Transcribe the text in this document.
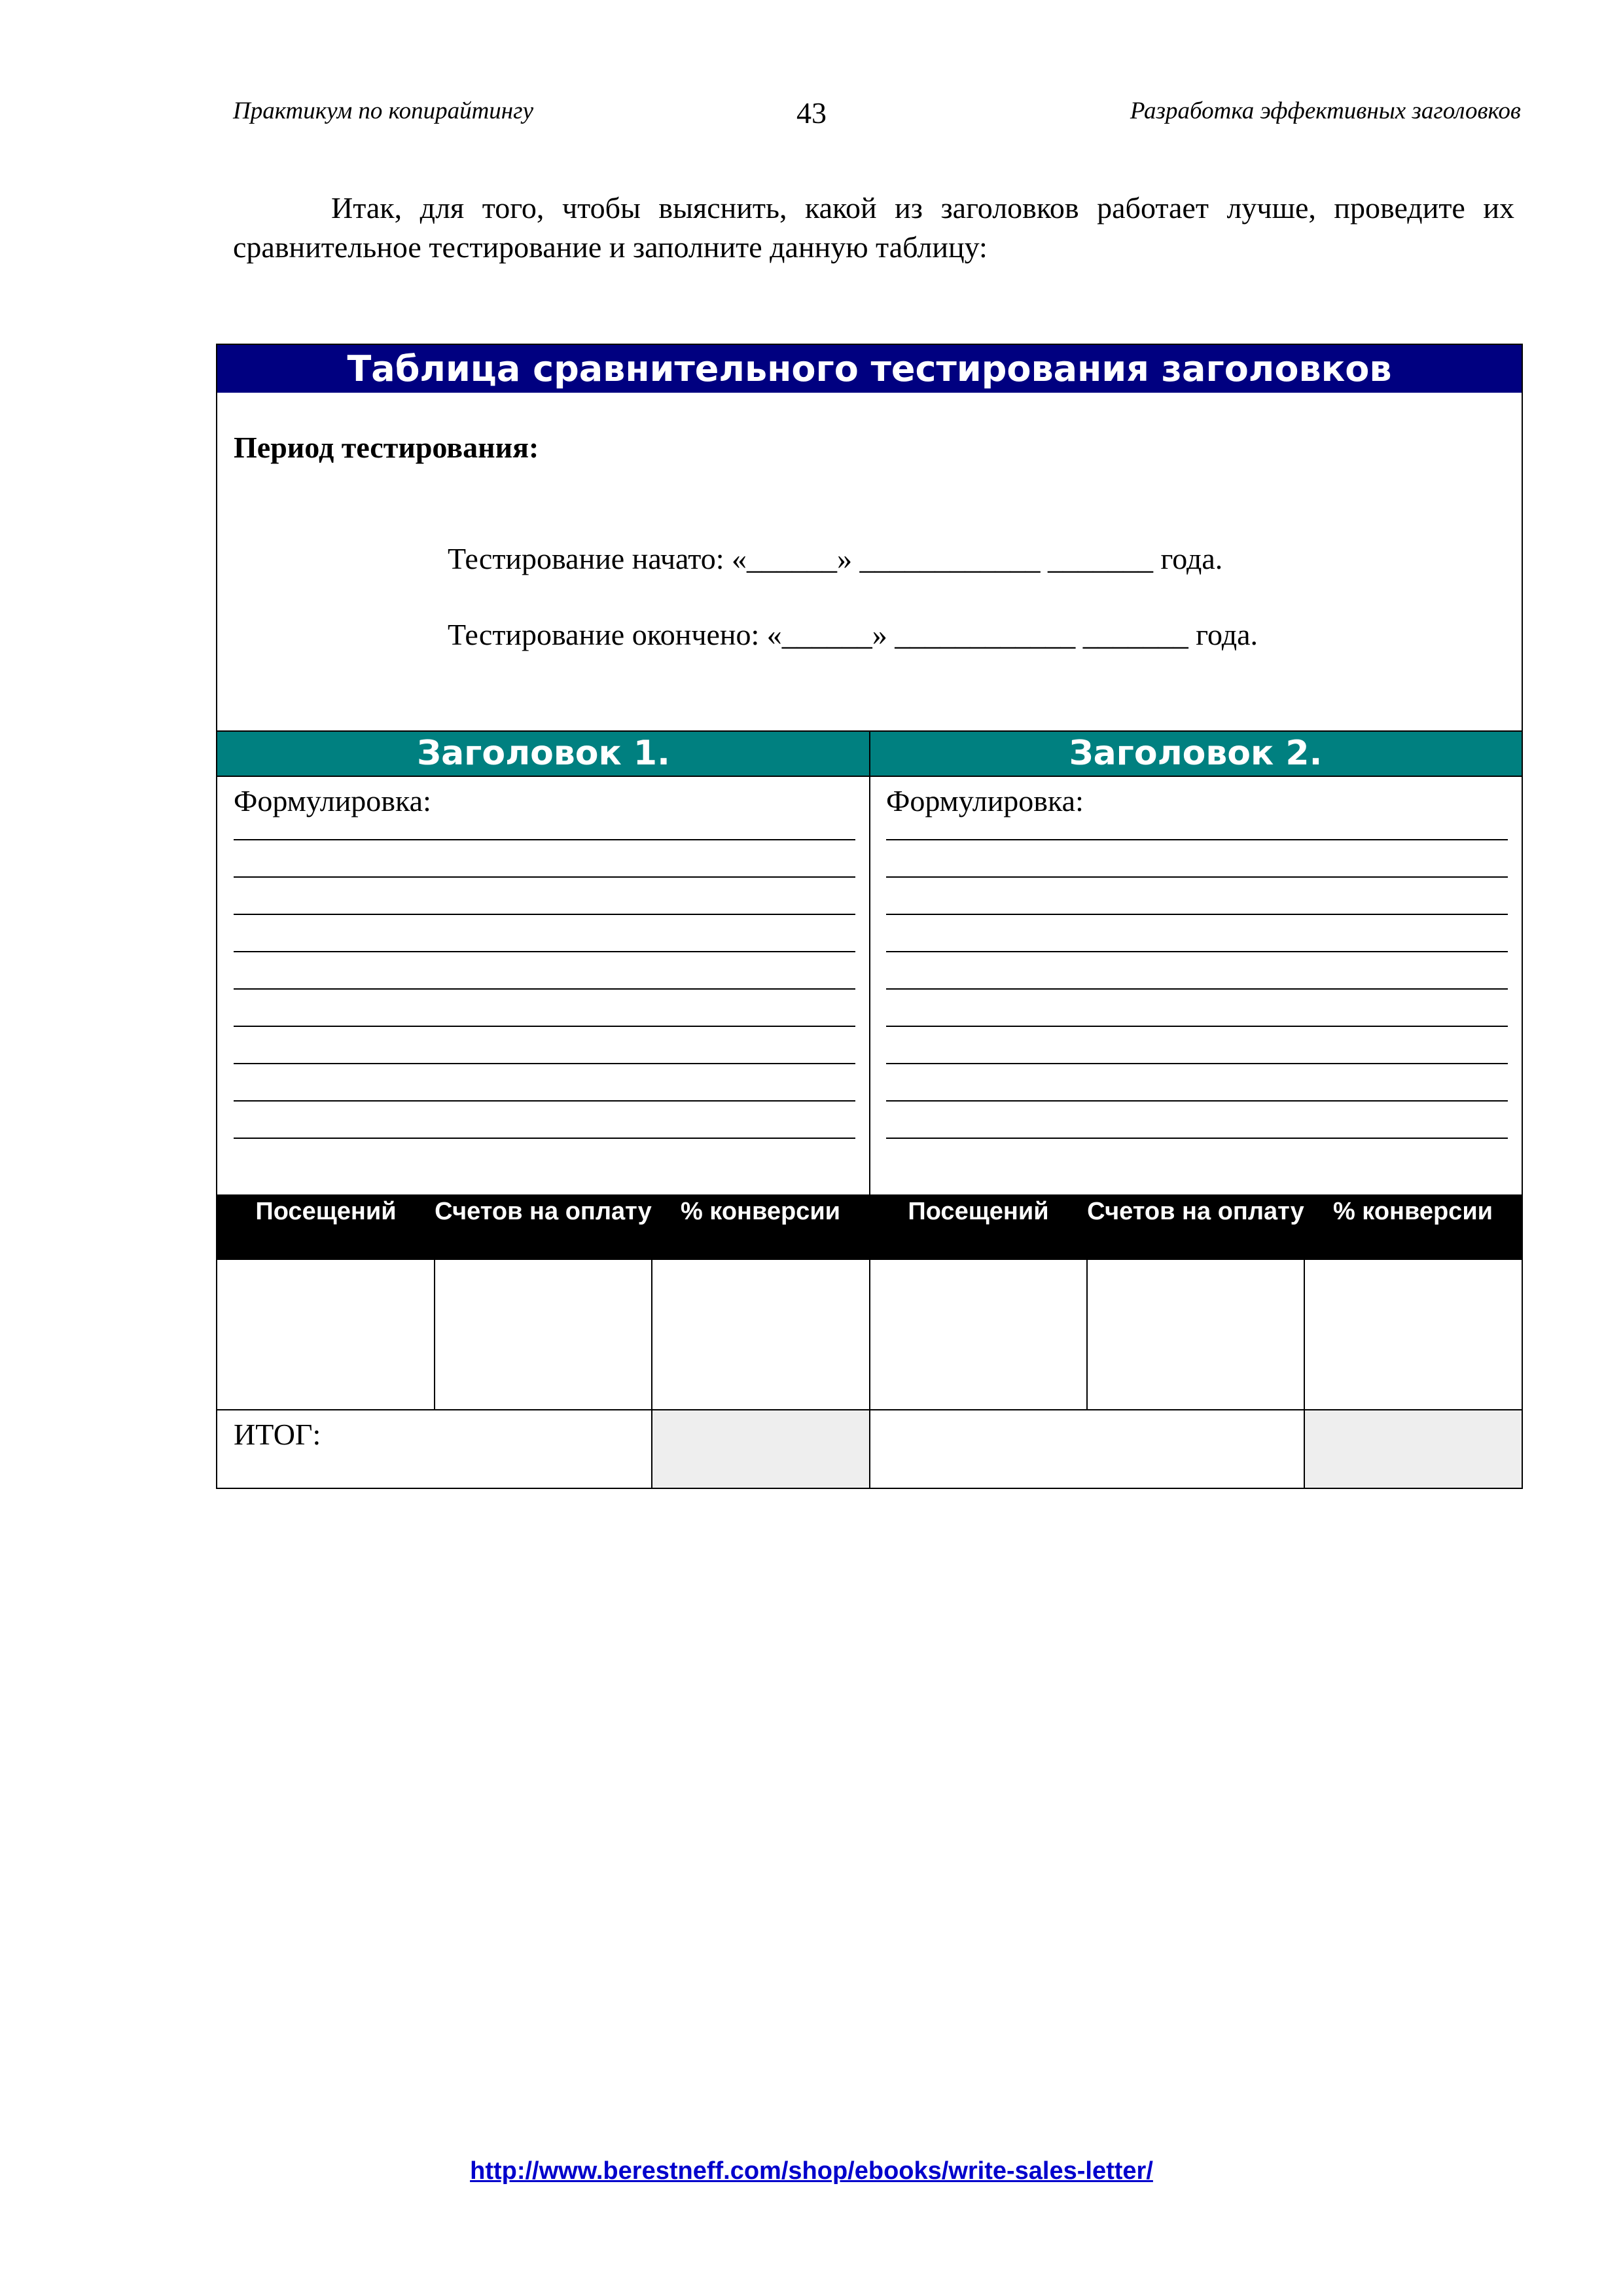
Практикум по копирайтингу	43	Разработка эффективных заголовков
Итак, для того, чтобы выяснить, какой из заголовков работает лучше, проведите их сравнительное тестирование и заполните данную таблицу:
Таблица сравнительного тестирования заголовков
Период тестирования:
Тестирование начато: «______» ____________ _______ года.
Тестирование окончено: «______» ____________ _______ года.
Заголовок 1.	Заголовок 2.
Формулировка:	Формулировка:
Посещений	Счетов на оплату	% конверсии	Посещений	Счетов на оплату	% конверсии
ИТОГ:
http://www.berestneff.com/shop/ebooks/write-sales-letter/
